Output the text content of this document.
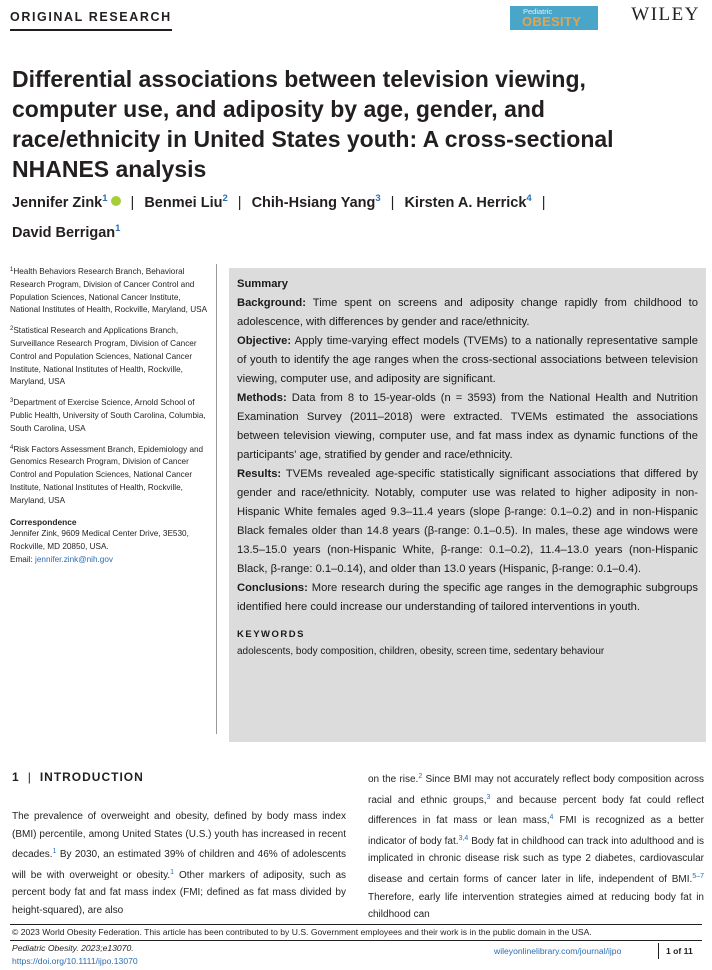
ORIGINAL RESEARCH	Pediatric
OBESITY	WILEY
Differential associations between television viewing, computer use, and adiposity by age, gender, and race/ethnicity in United States youth: A cross-sectional NHANES analysis
Jennifer Zink$^1$ | Benmei Liu$^2$ | Chih-Hsiang Yang$^3$ | Kirsten A. Herrick$^4$ |
David Berrigan$^1$

$^1$Health Behaviors Research Branch, Behavioral Research Program, Division of Cancer Control and Population Sciences, National Cancer Institute, National Institutes of Health, Rockville, Maryland, USA

$^2$Statistical Research and Applications Branch, Surveillance Research Program, Division of Cancer Control and Population Sciences, National Cancer Institute, National Institutes of Health, Rockville, Maryland, USA

$^3$Department of Exercise Science, Arnold School of Public Health, University of South Carolina, Columbia, South Carolina, USA

$^4$Risk Factors Assessment Branch, Epidemiology and Genomics Research Program, Division of Cancer Control and Population Sciences, National Cancer Institute, National Institutes of Health, Rockville, Maryland, USA

Correspondence
Jennifer Zink, 9609 Medical Center Drive, 3E530, Rockville, MD 20850, USA.
Email: jennifer.zink@nih.gov
Summary
Background: Time spent on screens and adiposity change rapidly from childhood to adolescence, with differences by gender and race/ethnicity.
Objective: Apply time-varying effect models (TVEMs) to a nationally representative sample of youth to identify the age ranges when the cross-sectional associations between television viewing, computer use, and adiposity are significant.
Methods: Data from 8 to 15-year-olds (n = 3593) from the National Health and Nutrition Examination Survey (2011–2018) were extracted. TVEMs estimated the associations between television viewing, computer use, and fat mass index as dynamic functions of the participants' age, stratified by gender and race/ethnicity.
Results: TVEMs revealed age-specific statistically significant associations that differed by gender and race/ethnicity. Notably, computer use was related to higher adiposity in non-Hispanic White females aged 9.3–11.4 years (slope β-range: 0.1–0.2) and in non-Hispanic Black females older than 14.8 years (β-range: 0.1–0.5). In males, these age windows were 13.5–15.0 years (non-Hispanic White, β-range: 0.1–0.2), 11.4–13.0 years (non-Hispanic Black, β-range: 0.1–0.14), and older than 13.0 years (Hispanic, β-range: 0.1–0.4).
Conclusions: More research during the specific age ranges in the demographic subgroups identified here could increase our understanding of tailored interventions in youth.
KEYWORDS
adolescents, body composition, children, obesity, screen time, sedentary behaviour
1 | INTRODUCTION
The prevalence of overweight and obesity, defined by body mass index (BMI) percentile, among United States (U.S.) youth has increased in recent decades.$^1$ By 2030, an estimated 39% of children and 46% of adolescents will be with overweight or obesity.$^1$ Other markers of adiposity, such as percent body fat and fat mass index (FMI; defined as fat mass divided by height-squared), are also
on the rise.$^2$ Since BMI may not accurately reflect body composition across racial and ethnic groups,$^3$ and because percent body fat could reflect differences in fat mass or lean mass,$^4$ FMI is recognized as a better indicator of body fat.$^{3,4}$ Body fat in childhood can track into adulthood and is implicated in chronic disease risk such as type 2 diabetes, cardiovascular disease and certain forms of cancer later in life, independent of BMI.$^{5-7}$ Therefore, early life intervention strategies aimed at reducing body fat in childhood can
© 2023 World Obesity Federation. This article has been contributed to by U.S. Government employees and their work is in the public domain in the USA.
Pediatric Obesity. 2023;e13070.
https://doi.org/10.1111/ijpo.13070
wileyonlinelibrary.com/journal/ijpo	1 of 11
